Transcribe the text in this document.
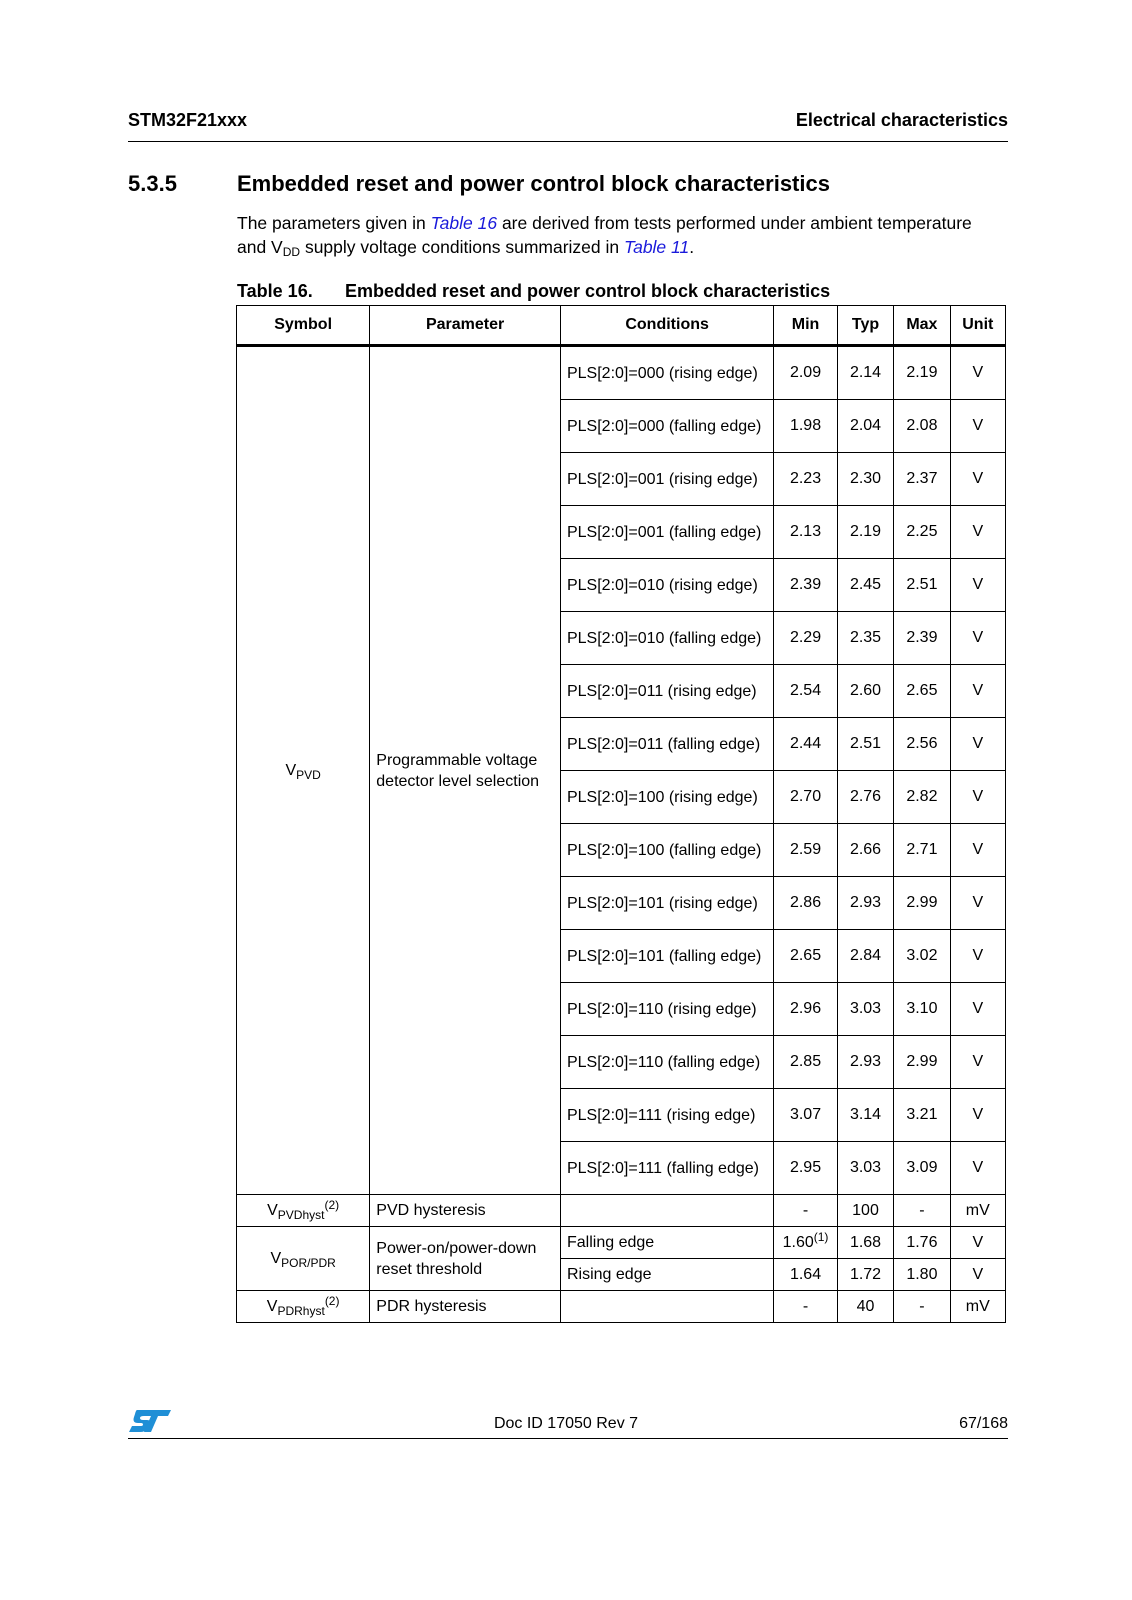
STM32F21xxx	Electrical characteristics
5.3.5	Embedded reset and power control block characteristics
The parameters given in Table 16 are derived from tests performed under ambient temperature and $V_{DD}$ supply voltage conditions summarized in Table 11.
Table 16. Embedded reset and power control block characteristics
Symbol	Parameter	Conditions	Min	Typ	Max	Unit
$V_{PVD}$	Programmable voltage detector level selection	PLS[2:0]=000 (rising edge)	2.09	2.14	2.19	V
		PLS[2:0]=000 (falling edge)	1.98	2.04	2.08	V
		PLS[2:0]=001 (rising edge)	2.23	2.30	2.37	V
		PLS[2:0]=001 (falling edge)	2.13	2.19	2.25	V
		PLS[2:0]=010 (rising edge)	2.39	2.45	2.51	V
		PLS[2:0]=010 (falling edge)	2.29	2.35	2.39	V
		PLS[2:0]=011 (rising edge)	2.54	2.60	2.65	V
		PLS[2:0]=011 (falling edge)	2.44	2.51	2.56	V
		PLS[2:0]=100 (rising edge)	2.70	2.76	2.82	V
		PLS[2:0]=100 (falling edge)	2.59	2.66	2.71	V
		PLS[2:0]=101 (rising edge)	2.86	2.93	2.99	V
		PLS[2:0]=101 (falling edge)	2.65	2.84	3.02	V
		PLS[2:0]=110 (rising edge)	2.96	3.03	3.10	V
		PLS[2:0]=110 (falling edge)	2.85	2.93	2.99	V
		PLS[2:0]=111 (rising edge)	3.07	3.14	3.21	V
		PLS[2:0]=111 (falling edge)	2.95	3.03	3.09	V
$V_{PVDhyst}^{(2)}$	PVD hysteresis		-	100	-	mV
$V_{POR/PDR}$	Power-on/power-down reset threshold	Falling edge	1.60$^{(1)}$	1.68	1.76	V
		Rising edge	1.64	1.72	1.80	V
$V_{PDRhyst}^{(2)}$	PDR hysteresis		-	40	-	mV
Doc ID 17050 Rev 7	67/168
